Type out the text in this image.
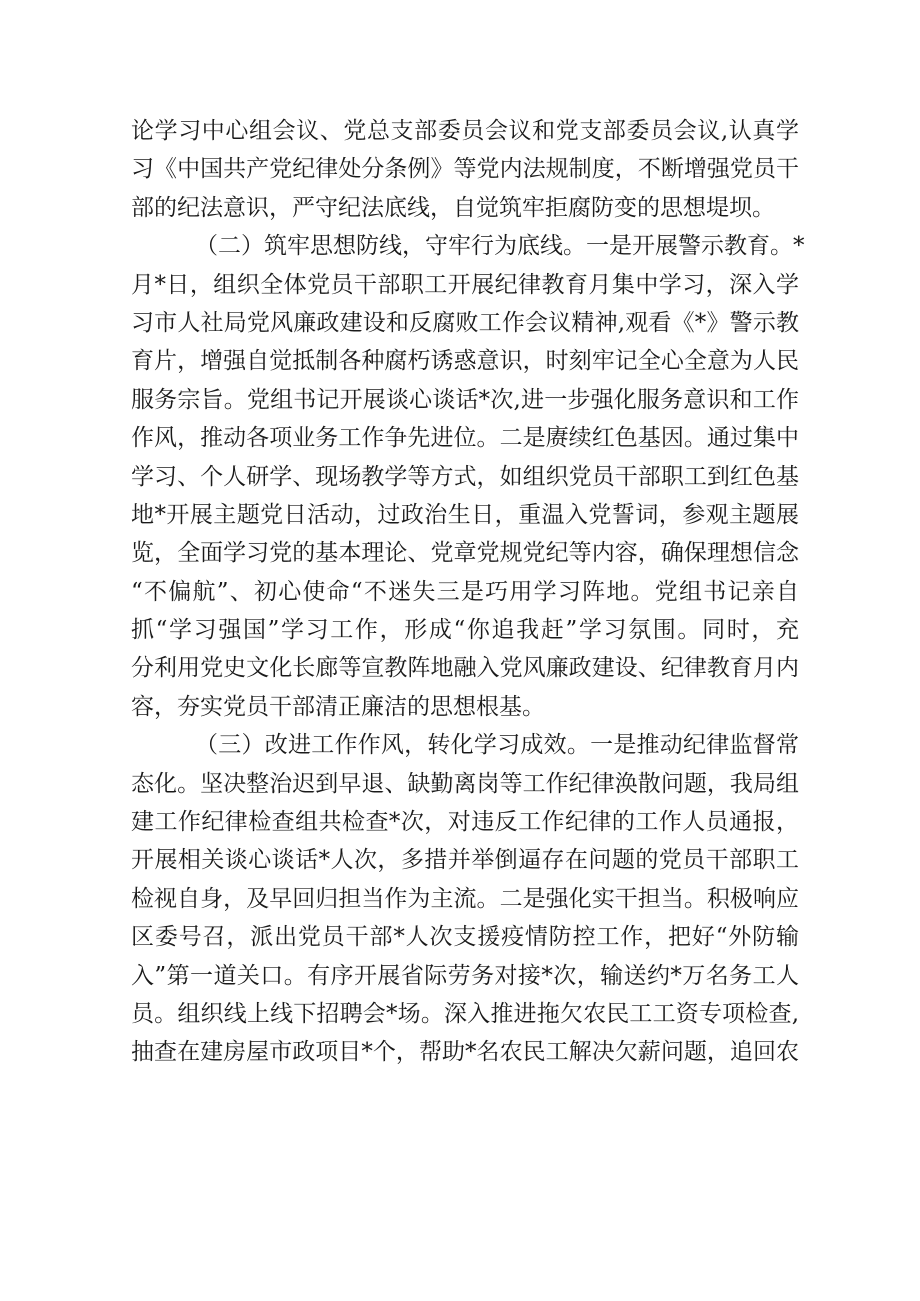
论学习中心组会议、党总支部委员会议和党支部委员会议,认真学
习《中国共产党纪律处分条例》等党内法规制度，不断增强党员干
部的纪法意识，严守纪法底线，自觉筑牢拒腐防变的思想堤坝。
（二）筑牢思想防线，守牢行为底线。一是开展警示教育。*
月*日，组织全体党员干部职工开展纪律教育月集中学习，深入学
习市人社局党风廉政建设和反腐败工作会议精神,观看《*》警示教
育片，增强自觉抵制各种腐朽诱惑意识，时刻牢记全心全意为人民
服务宗旨。党组书记开展谈心谈话*次,进一步强化服务意识和工作
作风，推动各项业务工作争先进位。二是赓续红色基因。通过集中
学习、个人研学、现场教学等方式，如组织党员干部职工到红色基
地*开展主题党日活动，过政治生日，重温入党誓词，参观主题展
览，全面学习党的基本理论、党章党规党纪等内容，确保理想信念
“不偏航”、初心使命“不迷失三是巧用学习阵地。党组书记亲自
抓“学习强国”学习工作，形成“你追我赶”学习氛围。同时，充
分利用党史文化长廊等宣教阵地融入党风廉政建设、纪律教育月内
容，夯实党员干部清正廉洁的思想根基。
（三）改进工作作风，转化学习成效。一是推动纪律监督常
态化。坚决整治迟到早退、缺勤离岗等工作纪律涣散问题，我局组
建工作纪律检查组共检查*次，对违反工作纪律的工作人员通报，
开展相关谈心谈话*人次，多措并举倒逼存在问题的党员干部职工
检视自身，及早回归担当作为主流。二是强化实干担当。积极响应
区委号召，派出党员干部*人次支援疫情防控工作，把好“外防输
入”第一道关口。有序开展省际劳务对接*次，输送约*万名务工人
员。组织线上线下招聘会*场。深入推进拖欠农民工工资专项检查,
抽查在建房屋市政项目*个，帮助*名农民工解决欠薪问题，追回农
